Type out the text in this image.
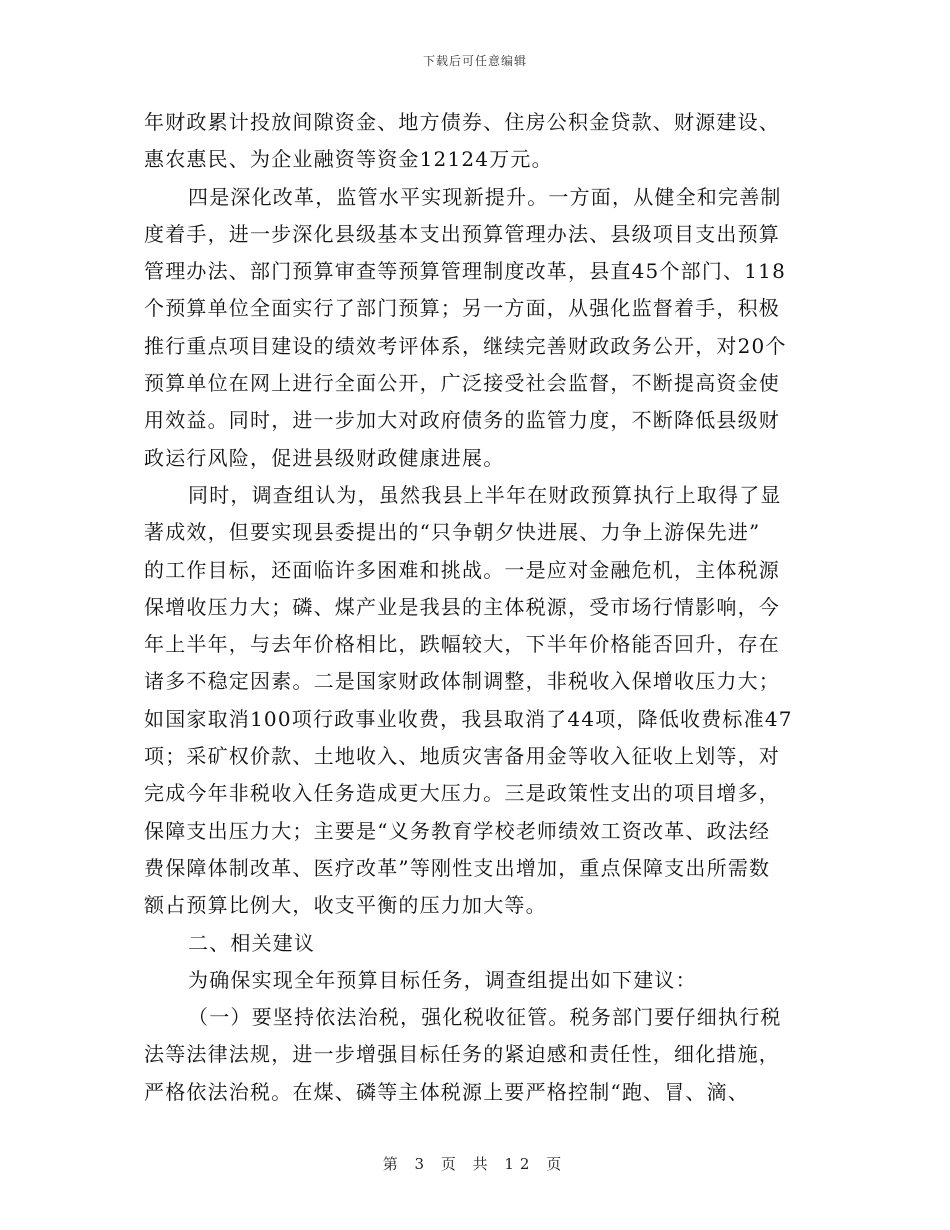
下载后可任意编辑
年财政累计投放间隙资金、地方债券、住房公积金贷款、财源建设、
惠农惠民、为企业融资等资金12124万元。
四是深化改革，监管水平实现新提升。一方面，从健全和完善制
度着手，进一步深化县级基本支出预算管理办法、县级项目支出预算
管理办法、部门预算审查等预算管理制度改革，县直45个部门、118
个预算单位全面实行了部门预算；另一方面，从强化监督着手，积极
推行重点项目建设的绩效考评体系，继续完善财政政务公开，对20个
预算单位在网上进行全面公开，广泛接受社会监督，不断提高资金使
用效益。同时，进一步加大对政府债务的监管力度，不断降低县级财
政运行风险，促进县级财政健康进展。
同时，调查组认为，虽然我县上半年在财政预算执行上取得了显
著成效，但要实现县委提出的“只争朝夕快进展、力争上游保先进”
的工作目标，还面临许多困难和挑战。一是应对金融危机，主体税源
保增收压力大；磷、煤产业是我县的主体税源，受市场行情影响，今
年上半年，与去年价格相比，跌幅较大，下半年价格能否回升，存在
诸多不稳定因素。二是国家财政体制调整，非税收入保增收压力大；
如国家取消100项行政事业收费，我县取消了44项，降低收费标准47
项；采矿权价款、土地收入、地质灾害备用金等收入征收上划等，对
完成今年非税收入任务造成更大压力。三是政策性支出的项目增多，
保障支出压力大；主要是“义务教育学校老师绩效工资改革、政法经
费保障体制改革、医疗改革”等刚性支出增加，重点保障支出所需数
额占预算比例大，收支平衡的压力加大等。
二、相关建议
为确保实现全年预算目标任务，调查组提出如下建议：
（一）要坚持依法治税，强化税收征管。税务部门要仔细执行税
法等法律法规，进一步增强目标任务的紧迫感和责任性，细化措施，
严格依法治税。在煤、磷等主体税源上要严格控制“跑、冒、滴、
第 3 页 共 12 页
